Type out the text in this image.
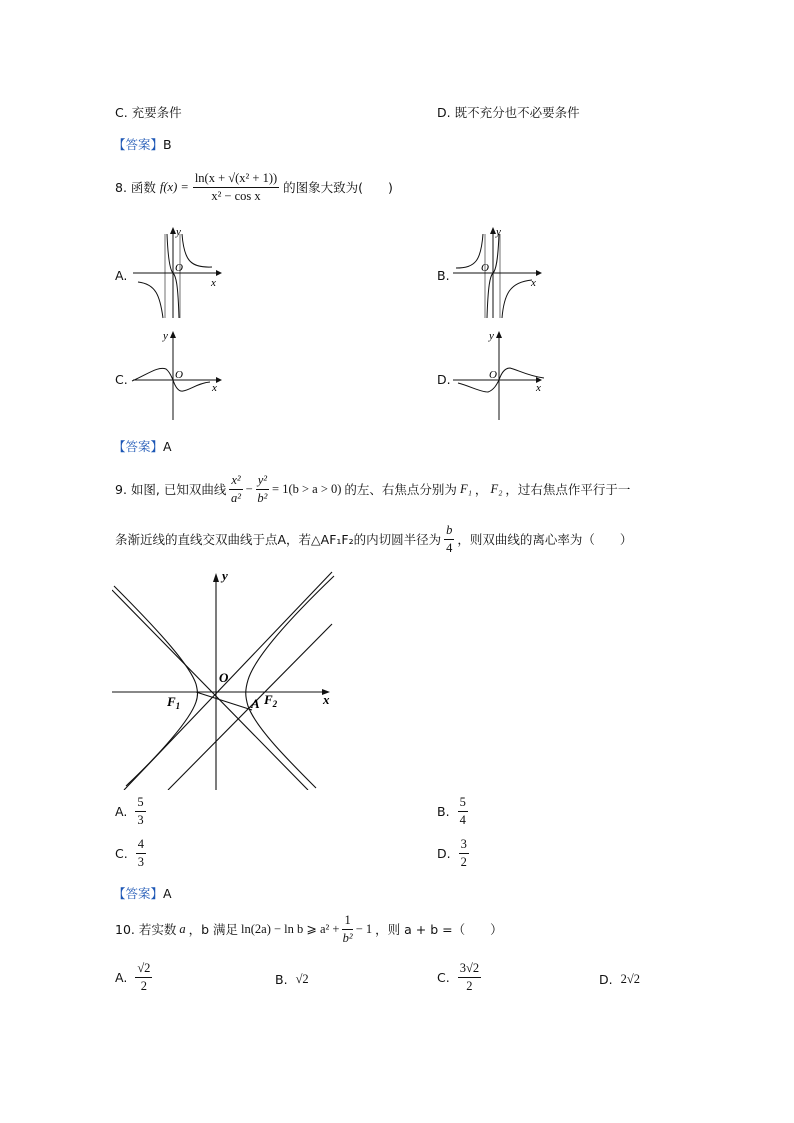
C. 充要条件	D. 既不充分也不必要条件
【答案】B
8. 函数 $f(x) = \frac{\text{ln(x + √(x² + 1))}}{\text{x² − cos x}}$ 的图象大致为(　　)
A.	B.
C.	D.
x
y
O
x
y
O
x
y
O
x
y
O
【答案】A
9. 如图, 已知双曲线 $\frac{\text{x²}}{\text{a²}} - \frac{\text{y²}}{\text{b²}} = 1(b > a > 0)$ 的左、右焦点分别为 F₁ ， F₂ ，过右焦点作平行于一
条渐近线的直线交双曲线于点A，若△AF₁F₂的内切圆半径为 $\frac{b}{4}$ ，则双曲线的离心率为（　　）
y
x
O
$F_1$	A $F_2$
A. $\frac{5}{3}$	B. $\frac{5}{4}$
C. $\frac{4}{3}$	D. $\frac{3}{2}$
【答案】A
10. 若实数 a ，b 满足 ln(2a) − ln b ⩾ $a^2 + \frac{1}{\text{b²}} - 1$ ，则 a + b =（　　）
A. $\frac{√2}{2}$	B. √2	C. $\frac{3√2}{2}$	D. 2√2
